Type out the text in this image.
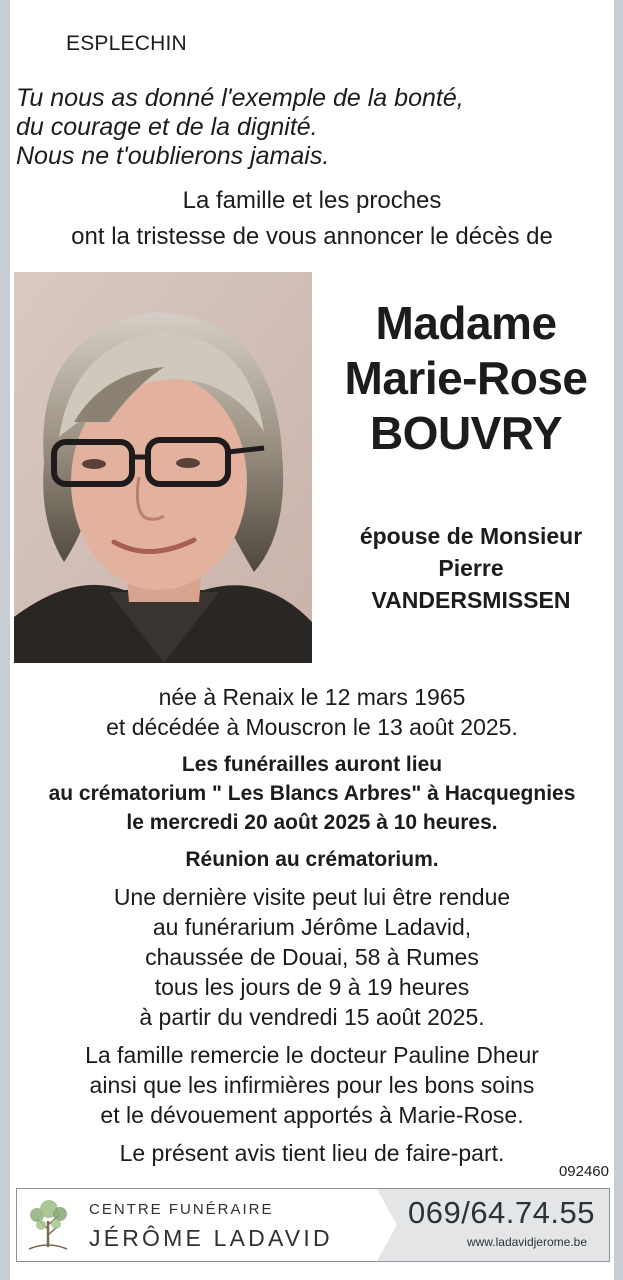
ESPLECHIN
Tu nous as donné l'exemple de la bonté,
du courage et de la dignité.
Nous ne t'oublierons jamais.
La famille et les proches
ont la tristesse de vous annoncer le décès de
Madame
Marie-Rose
BOUVRY
épouse de Monsieur
Pierre
VANDERSMISSEN
née à Renaix le 12 mars 1965
et décédée à Mouscron le 13 août 2025.
Les funérailles auront lieu
au crématorium " Les Blancs Arbres" à Hacquegnies
le mercredi 20 août 2025 à 10 heures.
Réunion au crématorium.
Une dernière visite peut lui être rendue
au funérarium Jérôme Ladavid,
chaussée de Douai, 58 à Rumes
tous les jours de 9 à 19 heures
à partir du vendredi 15 août 2025.
La famille remercie le docteur Pauline Dheur
ainsi que les infirmières pour les bons soins
et le dévouement apportés à Marie-Rose.
Le présent avis tient lieu de faire-part.
092460
CENTRE FUNÉRAIRE
JÉRÔME LADAVID
069/64.74.55
www.ladavidjerome.be
